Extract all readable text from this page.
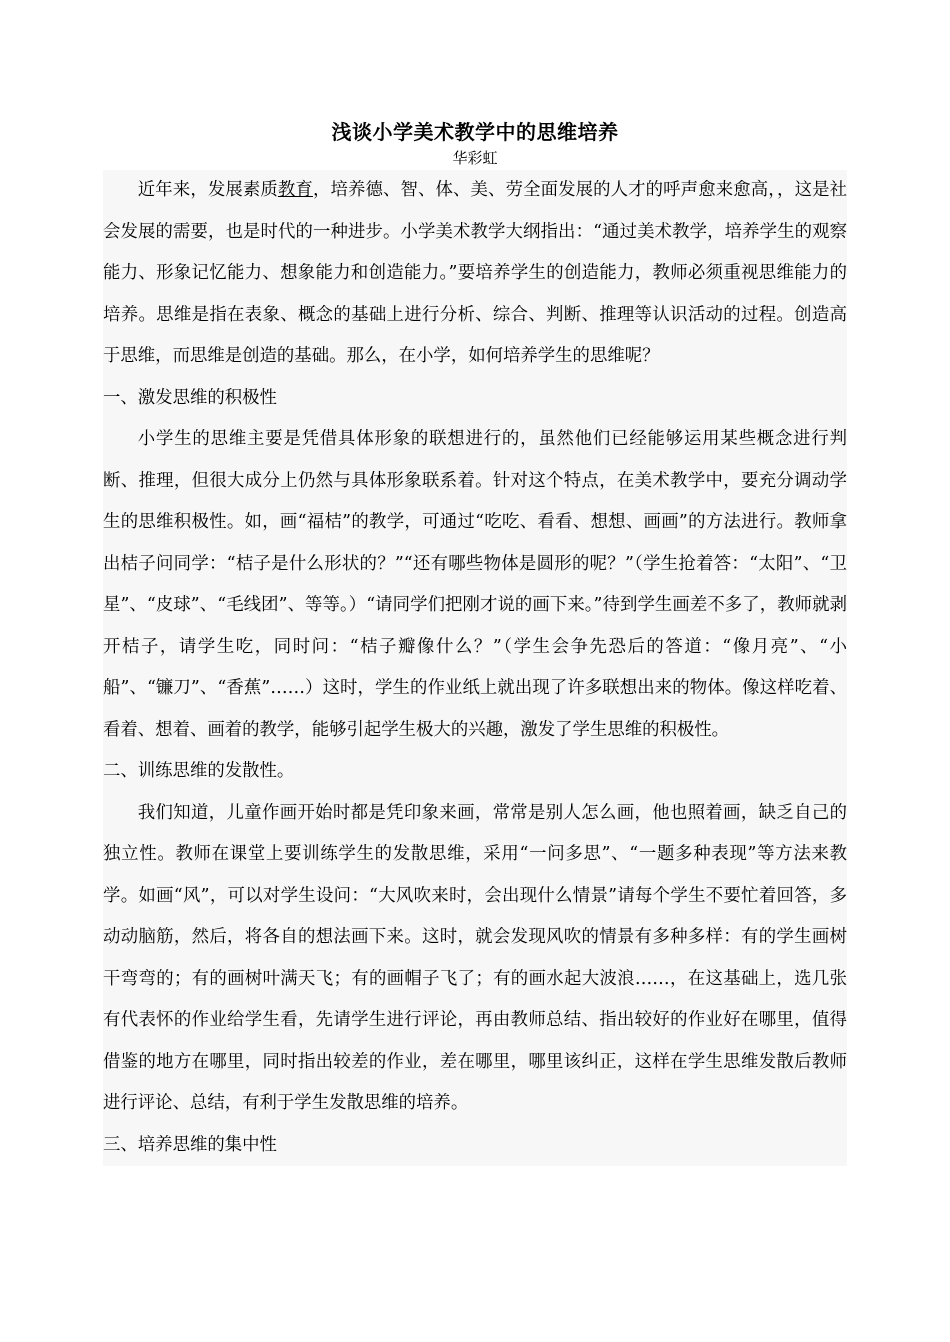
浅谈小学美术教学中的思维培养
华彩虹

近年来，发展素质教育，培养德、智、体、美、劳全面发展的人才的呼声愈来愈高，，这是社会发展的需要，也是时代的一种进步。小学美术教学大纲指出：“通过美术教学，培养学生的观察能力、形象记忆能力、想象能力和创造能力。”要培养学生的创造能力，教师必须重视思维能力的培养。思维是指在表象、概念的基础上进行分析、综合、判断、推理等认识活动的过程。创造高于思维，而思维是创造的基础。那么，在小学，如何培养学生的思维呢？

一、激发思维的积极性

小学生的思维主要是凭借具体形象的联想进行的，虽然他们已经能够运用某些概念进行判断、推理，但很大成分上仍然与具体形象联系着。针对这个特点，在美术教学中，要充分调动学生的思维积极性。如，画“福桔”的教学，可通过“吃吃、看看、想想、画画”的方法进行。教师拿出桔子问同学：“桔子是什么形状的？”“还有哪些物体是圆形的呢？”（学生抢着答：“太阳”、“卫星”、“皮球”、“毛线团”、等等。）“请同学们把刚才说的画下来。”待到学生画差不多了，教师就剥开桔子，请学生吃，同时问：“桔子瓣像什么？”（学生会争先恐后的答道：“像月亮”、“小船”、“镰刀”、“香蕉”……）这时，学生的作业纸上就出现了许多联想出来的物体。像这样吃着、看着、想着、画着的教学，能够引起学生极大的兴趣，激发了学生思维的积极性。

二、训练思维的发散性。

我们知道，儿童作画开始时都是凭印象来画，常常是别人怎么画，他也照着画，缺乏自己的独立性。教师在课堂上要训练学生的发散思维，采用“一问多思”、“一题多种表现”等方法来教学。如画“风”，可以对学生设问：“大风吹来时，会出现什么情景”请每个学生不要忙着回答，多动动脑筋，然后，将各自的想法画下来。这时，就会发现风吹的情景有多种多样：有的学生画树干弯弯的；有的画树叶满天飞；有的画帽子飞了；有的画水起大波浪……，在这基础上，选几张有代表怀的作业给学生看，先请学生进行评论，再由教师总结、指出较好的作业好在哪里，值得借鉴的地方在哪里，同时指出较差的作业，差在哪里，哪里该纠正，这样在学生思维发散后教师进行评论、总结，有利于学生发散思维的培养。

三、培养思维的集中性
